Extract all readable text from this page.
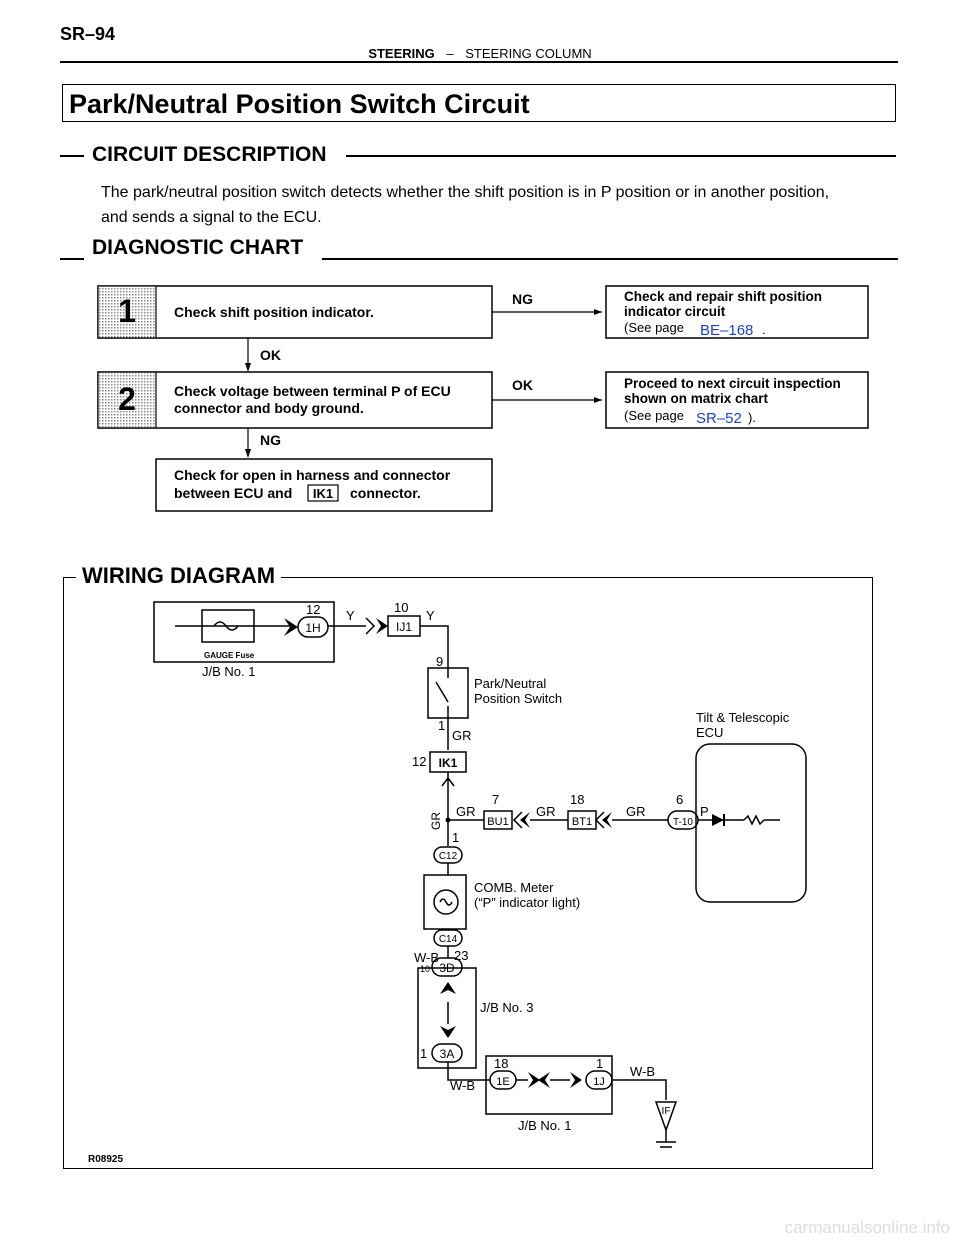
SR–94
STEERING – STEERING COLUMN
Park/Neutral Position Switch Circuit
CIRCUIT DESCRIPTION
The park/neutral position switch detects whether the shift position is in P position or in another position,
and sends a signal to the ECU.
DIAGNOSTIC CHART
1	Check shift position indicator.
NG	Check and repair shift position
indicator circuit
(See page BE–168 .
OK
2	Check voltage between terminal P of ECU
connector and body ground.
OK	Proceed to next circuit inspection
shown on matrix chart
(See page SR–52 ).
NG
Check for open in harness and connector
between ECU and IK1 connector.
WIRING DIAGRAM
GAUGE Fuse
J/B No. 1
12
1H
Y
10
IJ1
Y
9
Park/Neutral
Position Switch
1
GR
12 IK1
Tilt & Telescopic
ECU
GR
GR
7
BU1
GR
18
BT1
GR
6
T-10
P
1
C12
COMB. Meter
(“P” indicator light)
C14
W-B 23
10 3D
J/B No. 3
1 3A
W-B
18
1E
1
1J
W-B
IF
J/B No. 1
R08925
carmanualsonline.info
